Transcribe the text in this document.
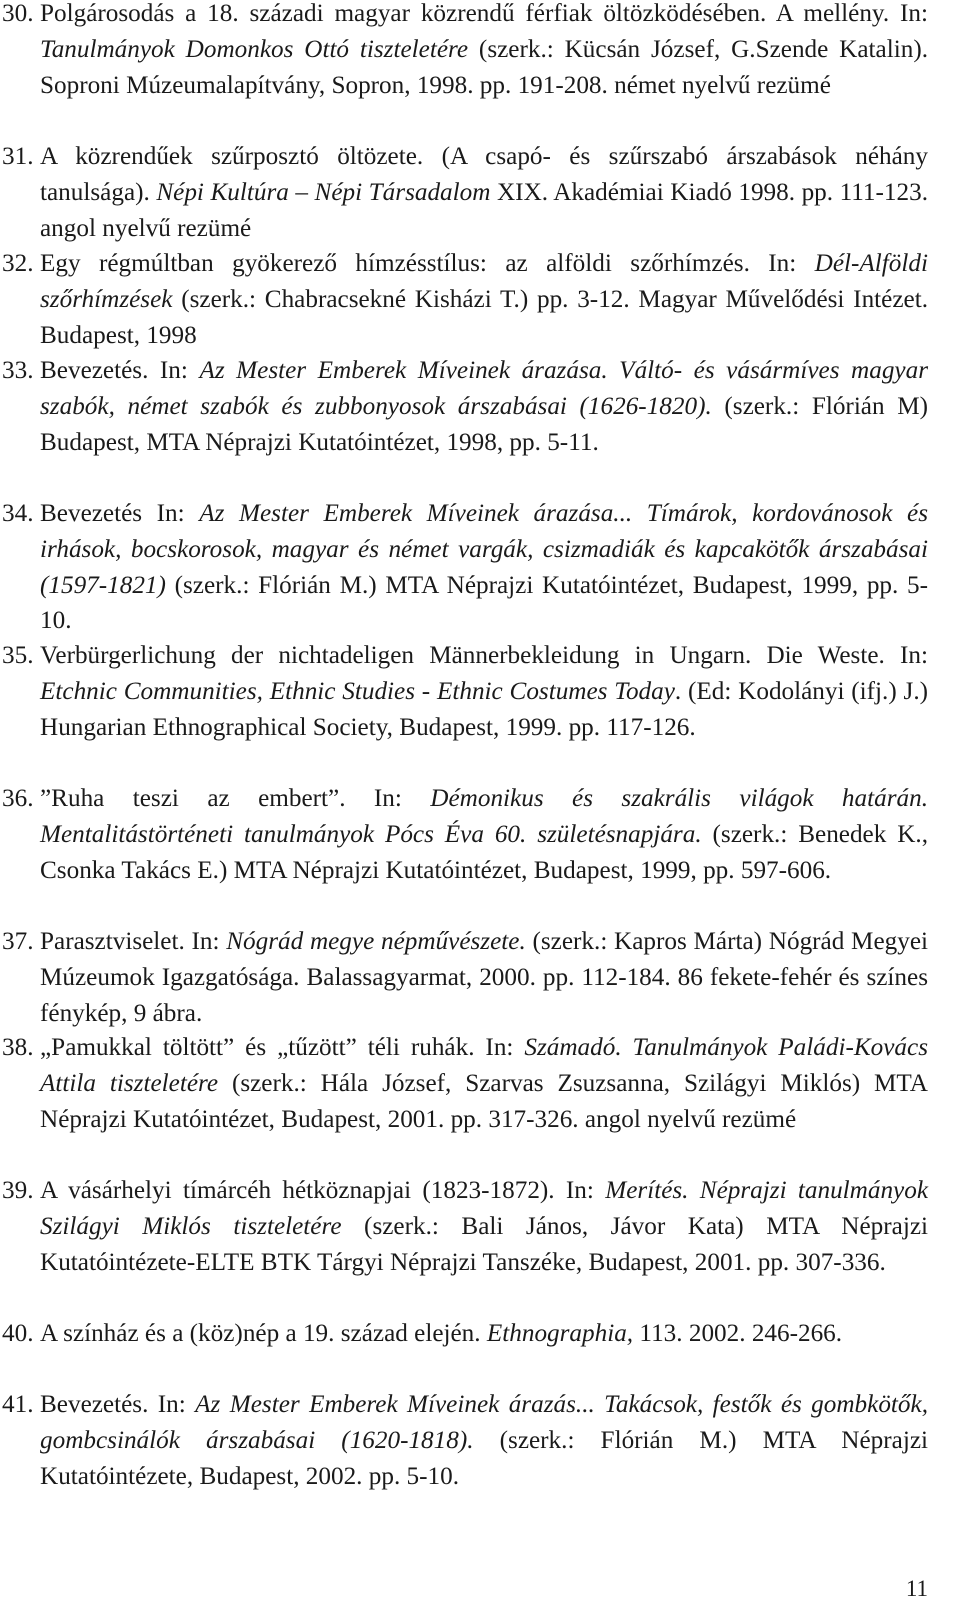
30. Polgárosodás a 18. századi magyar közrendű férfiak öltözködésében. A mellény. In: Tanulmányok Domonkos Ottó tiszteletére (szerk.: Kücsán József, G.Szende Katalin). Soproni Múzeumalapítvány, Sopron, 1998. pp. 191-208. német nyelvű rezümé
31. A közrendűek szűrposztó öltözete. (A csapó- és szűrszabó árszabások néhány tanulsága). Népi Kultúra – Népi Társadalom XIX. Akadémiai Kiadó 1998. pp. 111-123. angol nyelvű rezümé
32. Egy régmúltban gyökerező hímzésstílus: az alföldi szőrhímzés. In: Dél-Alföldi szőrhímzések (szerk.: Chabracsekné Kisházi T.) pp. 3-12. Magyar Művelődési Intézet. Budapest, 1998
33. Bevezetés. In: Az Mester Emberek Míveinek árazása. Váltó- és vásármíves magyar szabók, német szabók és zubbonyosok árszabásai (1626-1820). (szerk.: Flórián M) Budapest, MTA Néprajzi Kutatóintézet, 1998, pp. 5-11.
34. Bevezetés In: Az Mester Emberek Míveinek árazása... Tímárok, kordovánosok és irhások, bocskorosok, magyar és német vargák, csizmadiák és kapcakötők árszabásai (1597-1821) (szerk.: Flórián M.) MTA Néprajzi Kutatóintézet, Budapest, 1999, pp. 5-10.
35. Verbürgerlichung der nichtadeligen Männerbekleidung in Ungarn. Die Weste. In: Etchnic Communities, Ethnic Studies - Ethnic Costumes Today. (Ed: Kodolányi (ifj.) J.) Hungarian Ethnographical Society, Budapest, 1999. pp. 117-126.
36. ”Ruha teszi az embert”. In: Démonikus és szakrális világok határán. Mentalitástörténeti tanulmányok Pócs Éva 60. születésnapjára. (szerk.: Benedek K., Csonka Takács E.) MTA Néprajzi Kutatóintézet, Budapest, 1999, pp. 597-606.
37. Parasztviselet. In: Nógrád megye népművészete. (szerk.: Kapros Márta) Nógrád Megyei Múzeumok Igazgatósága. Balassagyarmat, 2000. pp. 112-184. 86 fekete-fehér és színes fénykép, 9 ábra.
38. „Pamukkal töltött” és „tűzött” téli ruhák. In: Számadó. Tanulmányok Paládi-Kovács Attila tiszteletére (szerk.: Hála József, Szarvas Zsuzsanna, Szilágyi Miklós) MTA Néprajzi Kutatóintézet, Budapest, 2001. pp. 317-326. angol nyelvű rezümé
39. A vásárhelyi tímárcéh hétköznapjai (1823-1872). In: Merítés. Néprajzi tanulmányok Szilágyi Miklós tiszteletére (szerk.: Bali János, Jávor Kata) MTA Néprajzi Kutatóintézete-ELTE BTK Tárgyi Néprajzi Tanszéke, Budapest, 2001. pp. 307-336.
40. A színház és a (köz)nép a 19. század elején. Ethnographia, 113. 2002. 246-266.
41. Bevezetés. In: Az Mester Emberek Míveinek árazás... Takácsok, festők és gombkötők, gombcsinálók árszabásai (1620-1818). (szerk.: Flórián M.) MTA Néprajzi Kutatóintézete, Budapest, 2002. pp. 5-10.
11
